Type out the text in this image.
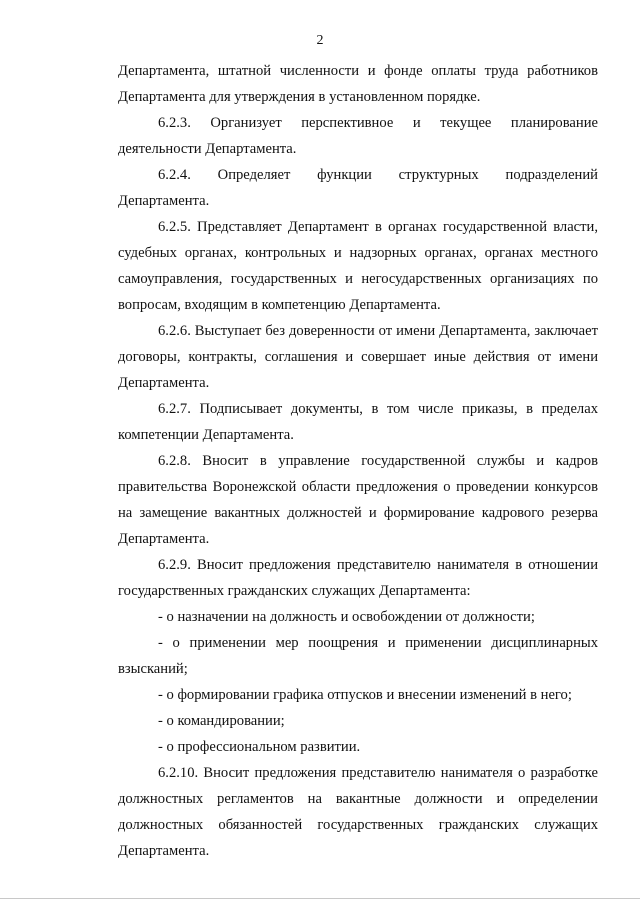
2

Департамента, штатной численности и фонде оплаты труда работников Департамента для утверждения в установленном порядке.

6.2.3. Организует перспективное и текущее планирование деятельности Департамента.

6.2.4. Определяет функции структурных подразделений Департамента.

6.2.5. Представляет Департамент в органах государственной власти, судебных органах, контрольных и надзорных органах, органах местного самоуправления, государственных и негосударственных организациях по вопросам, входящим в компетенцию Департамента.

6.2.6. Выступает без доверенности от имени Департамента, заключает договоры, контракты, соглашения и совершает иные действия от имени Департамента.

6.2.7. Подписывает документы, в том числе приказы, в пределах компетенции Департамента.

6.2.8. Вносит в управление государственной службы и кадров правительства Воронежской области предложения о проведении конкурсов на замещение вакантных должностей и формирование кадрового резерва Департамента.

6.2.9. Вносит предложения представителю нанимателя в отношении государственных гражданских служащих Департамента:

- о назначении на должность и освобождении от должности;

- о применении мер поощрения и применении дисциплинарных взысканий;

- о формировании графика отпусков и внесении изменений в него;

- о командировании;

- о профессиональном развитии.

6.2.10. Вносит предложения представителю нанимателя о разработке должностных регламентов на вакантные должности и определении должностных обязанностей государственных гражданских служащих Департамента.
